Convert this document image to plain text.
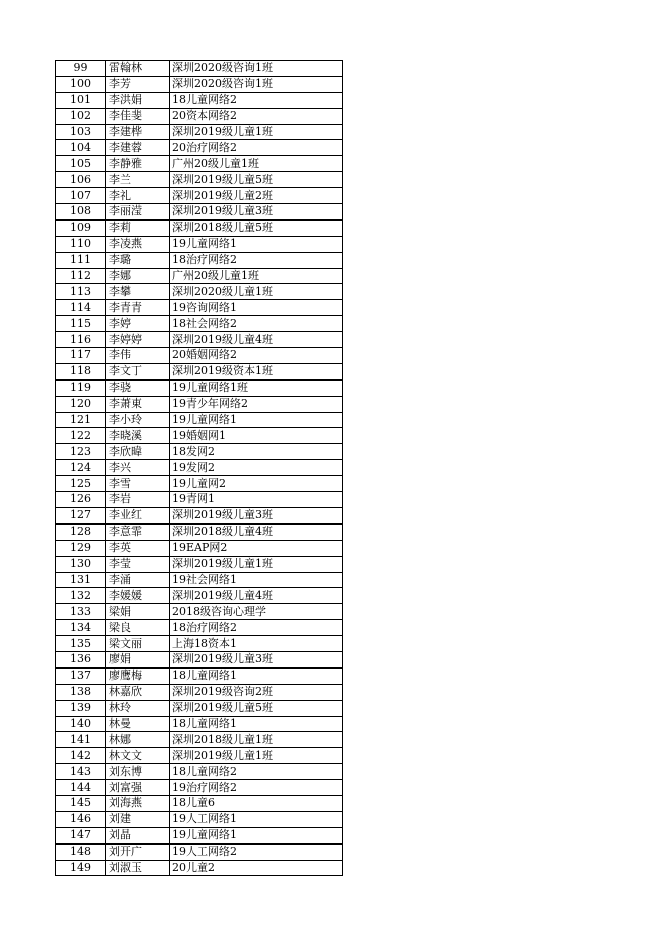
99	雷翰林	深圳2020级咨询1班
100	李芳	深圳2020级咨询1班
101	李洪娟	18儿童网络2
102	李佳斐	20资本网络2
103	李建桦	深圳2019级儿童1班
104	李建蓉	20治疗网络2
105	李静雅	广州20级儿童1班
106	李兰	深圳2019级儿童5班
107	李礼	深圳2019级儿童2班
108	李丽滢	深圳2019级儿童3班
109	李莉	深圳2018级儿童5班
110	李凌燕	19儿童网络1
111	李璐	18治疗网络2
112	李娜	广州20级儿童1班
113	李攀	深圳2020级儿童1班
114	李青青	19咨询网络1
115	李婷	18社会网络2
116	李婷婷	深圳2019级儿童4班
117	李伟	20婚姻网络2
118	李文丁	深圳2019级资本1班
119	李骁	19儿童网络1班
120	李萧東	19青少年网络2
121	李小玲	19儿童网络1
122	李晓溪	19婚姻网1
123	李欣暐	18发网2
124	李兴	19发网2
125	李雪	19儿童网2
126	李岩	19青网1
127	李业红	深圳2019级儿童3班
128	李意霏	深圳2018级儿童4班
129	李英	19EAP网2
130	李莹	深圳2019级儿童1班
131	李涌	19社会网络1
132	李媛媛	深圳2019级儿童4班
133	梁娟	2018级咨询心理学
134	梁良	18治疗网络2
135	梁文丽	上海18资本1
136	廖娟	深圳2019级儿童3班
137	廖鹰梅	18儿童网络1
138	林嘉欣	深圳2019级咨询2班
139	林玲	深圳2019级儿童5班
140	林曼	18儿童网络1
141	林娜	深圳2018级儿童1班
142	林文文	深圳2019级儿童1班
143	刘东博	18儿童网络2
144	刘富强	19治疗网络2
145	刘海燕	18儿童6
146	刘建	19人工网络1
147	刘晶	19儿童网络1
148	刘开广	19人工网络2
149	刘淑玉	20儿童2
